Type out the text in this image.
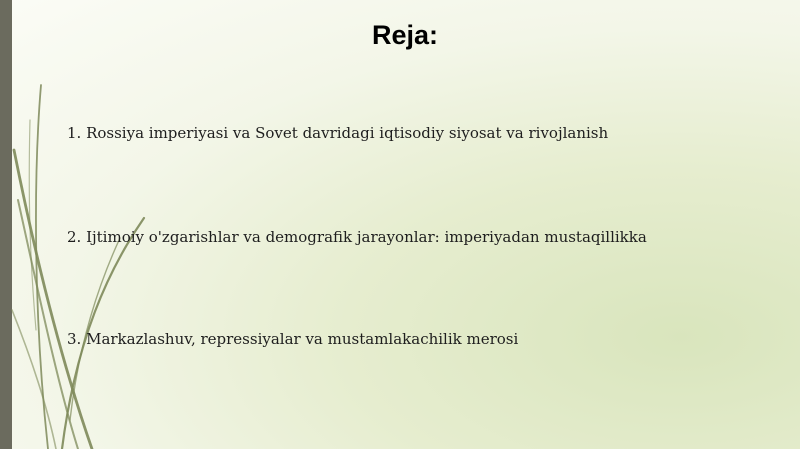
Reja:
1. Rossiya imperiyasi va Sovet davridagi iqtisodiy siyosat va rivojlanish
2. Ijtimoiy o'zgarishlar va demografik jarayonlar: imperiyadan mustaqillikka
3. Markazlashuv, repressiyalar va mustamlakachilik merosi
